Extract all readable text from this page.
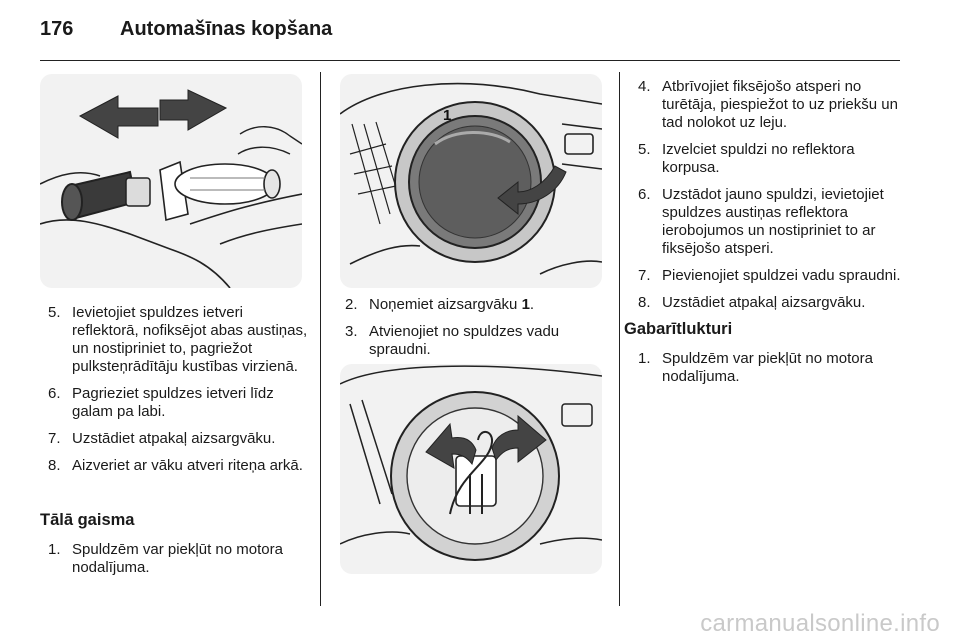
176 Automašīnas kopšana
5. Ievietojiet spuldzes ietveri reflektorā, nofiksējot abas austiņas, un nostipriniet to, pagriežot pulksteņrādītāju kustības virzienā.
6. Pagrieziet spuldzes ietveri līdz galam pa labi.
7. Uzstādiet atpakaļ aizsargvāku.
8. Aizveriet ar vāku atveri riteņa arkā.
Tālā gaisma
1. Spuldzēm var piekļūt no motora nodalījuma.
1
2. Noņemiet aizsargvāku 1.
3. Atvienojiet no spuldzes vadu spraudni.
4. Atbrīvojiet fiksējošo atsperi no turētāja, piespiežot to uz priekšu un tad nolokot uz leju.
5. Izvelciet spuldzi no reflektora korpusa.
6. Uzstādot jauno spuldzi, ievietojiet spuldzes austiņas reflektora ierobojumos un nostipriniet to ar fiksējošo atsperi.
7. Pievienojiet spuldzei vadu spraudni.
8. Uzstādiet atpakaļ aizsargvāku.
Gabarītlukturi
1. Spuldzēm var piekļūt no motora nodalījuma.
carmanualsonline.info
